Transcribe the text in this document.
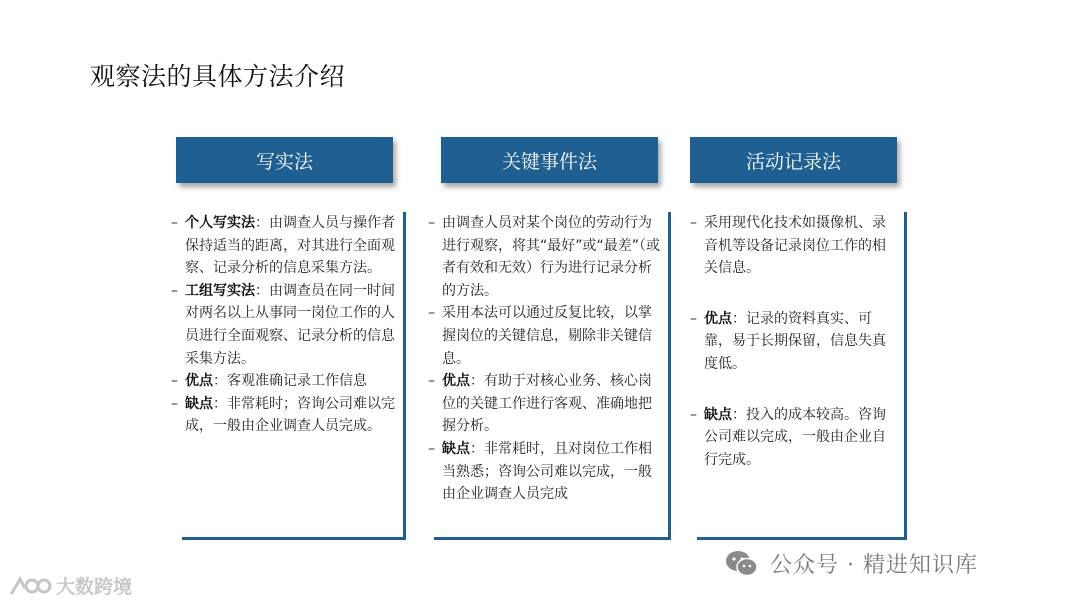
观察法的具体方法介绍
写实法
– 个人写实法：由调查人员与操作者保持适当的距离，对其进行全面观察、记录分析的信息采集方法。
– 工组写实法：由调查员在同一时间对两名以上从事同一岗位工作的人员进行全面观察、记录分析的信息采集方法。
– 优点：客观准确记录工作信息
– 缺点：非常耗时；咨询公司难以完成，一般由企业调查人员完成。
关键事件法
– 由调查人员对某个岗位的劳动行为进行观察，将其“最好”或“最差”（或者有效和无效）行为进行记录分析的方法。
– 采用本法可以通过反复比较，以掌握岗位的关键信息，剔除非关键信息。
– 优点：有助于对核心业务、核心岗位的关键工作进行客观、准确地把握分析。
– 缺点：非常耗时，且对岗位工作相当熟悉；咨询公司难以完成，一般由企业调查人员完成
活动记录法
– 采用现代化技术如摄像机、录音机等设备记录岗位工作的相关信息。
– 优点：记录的资料真实、可靠，易于长期保留，信息失真度低。
– 缺点：投入的成本较高。咨询公司难以完成，一般由企业自行完成。
公众号 · 精进知识库
大数跨境
